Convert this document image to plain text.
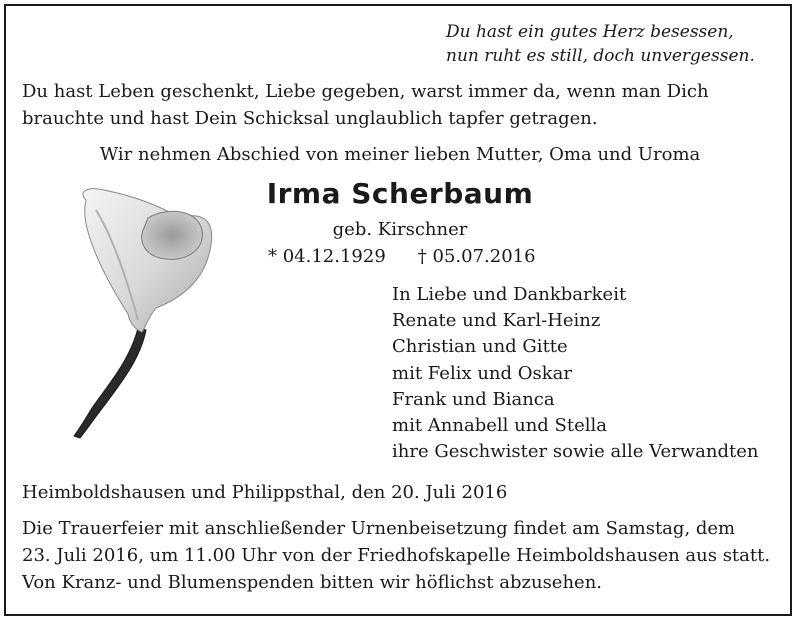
Du hast ein gutes Herz besessen,
nun ruht es still, doch unvergessen.
Du hast Leben geschenkt, Liebe gegeben, warst immer da, wenn man Dich
brauchte und hast Dein Schicksal unglaublich tapfer getragen.
Wir nehmen Abschied von meiner lieben Mutter, Oma und Uroma
Irma Scherbaum
geb. Kirschner
* 04.12.1929 † 05.07.2016
In Liebe und Dankbarkeit
Renate und Karl-Heinz
Christian und Gitte
mit Felix und Oskar
Frank und Bianca
mit Annabell und Stella
ihre Geschwister sowie alle Verwandten
Heimboldshausen und Philippsthal, den 20. Juli 2016
Die Trauerfeier mit anschließender Urnenbeisetzung findet am Samstag, dem
23. Juli 2016, um 11.00 Uhr von der Friedhofskapelle Heimboldshausen aus statt.
Von Kranz- und Blumenspenden bitten wir höflichst abzusehen.
